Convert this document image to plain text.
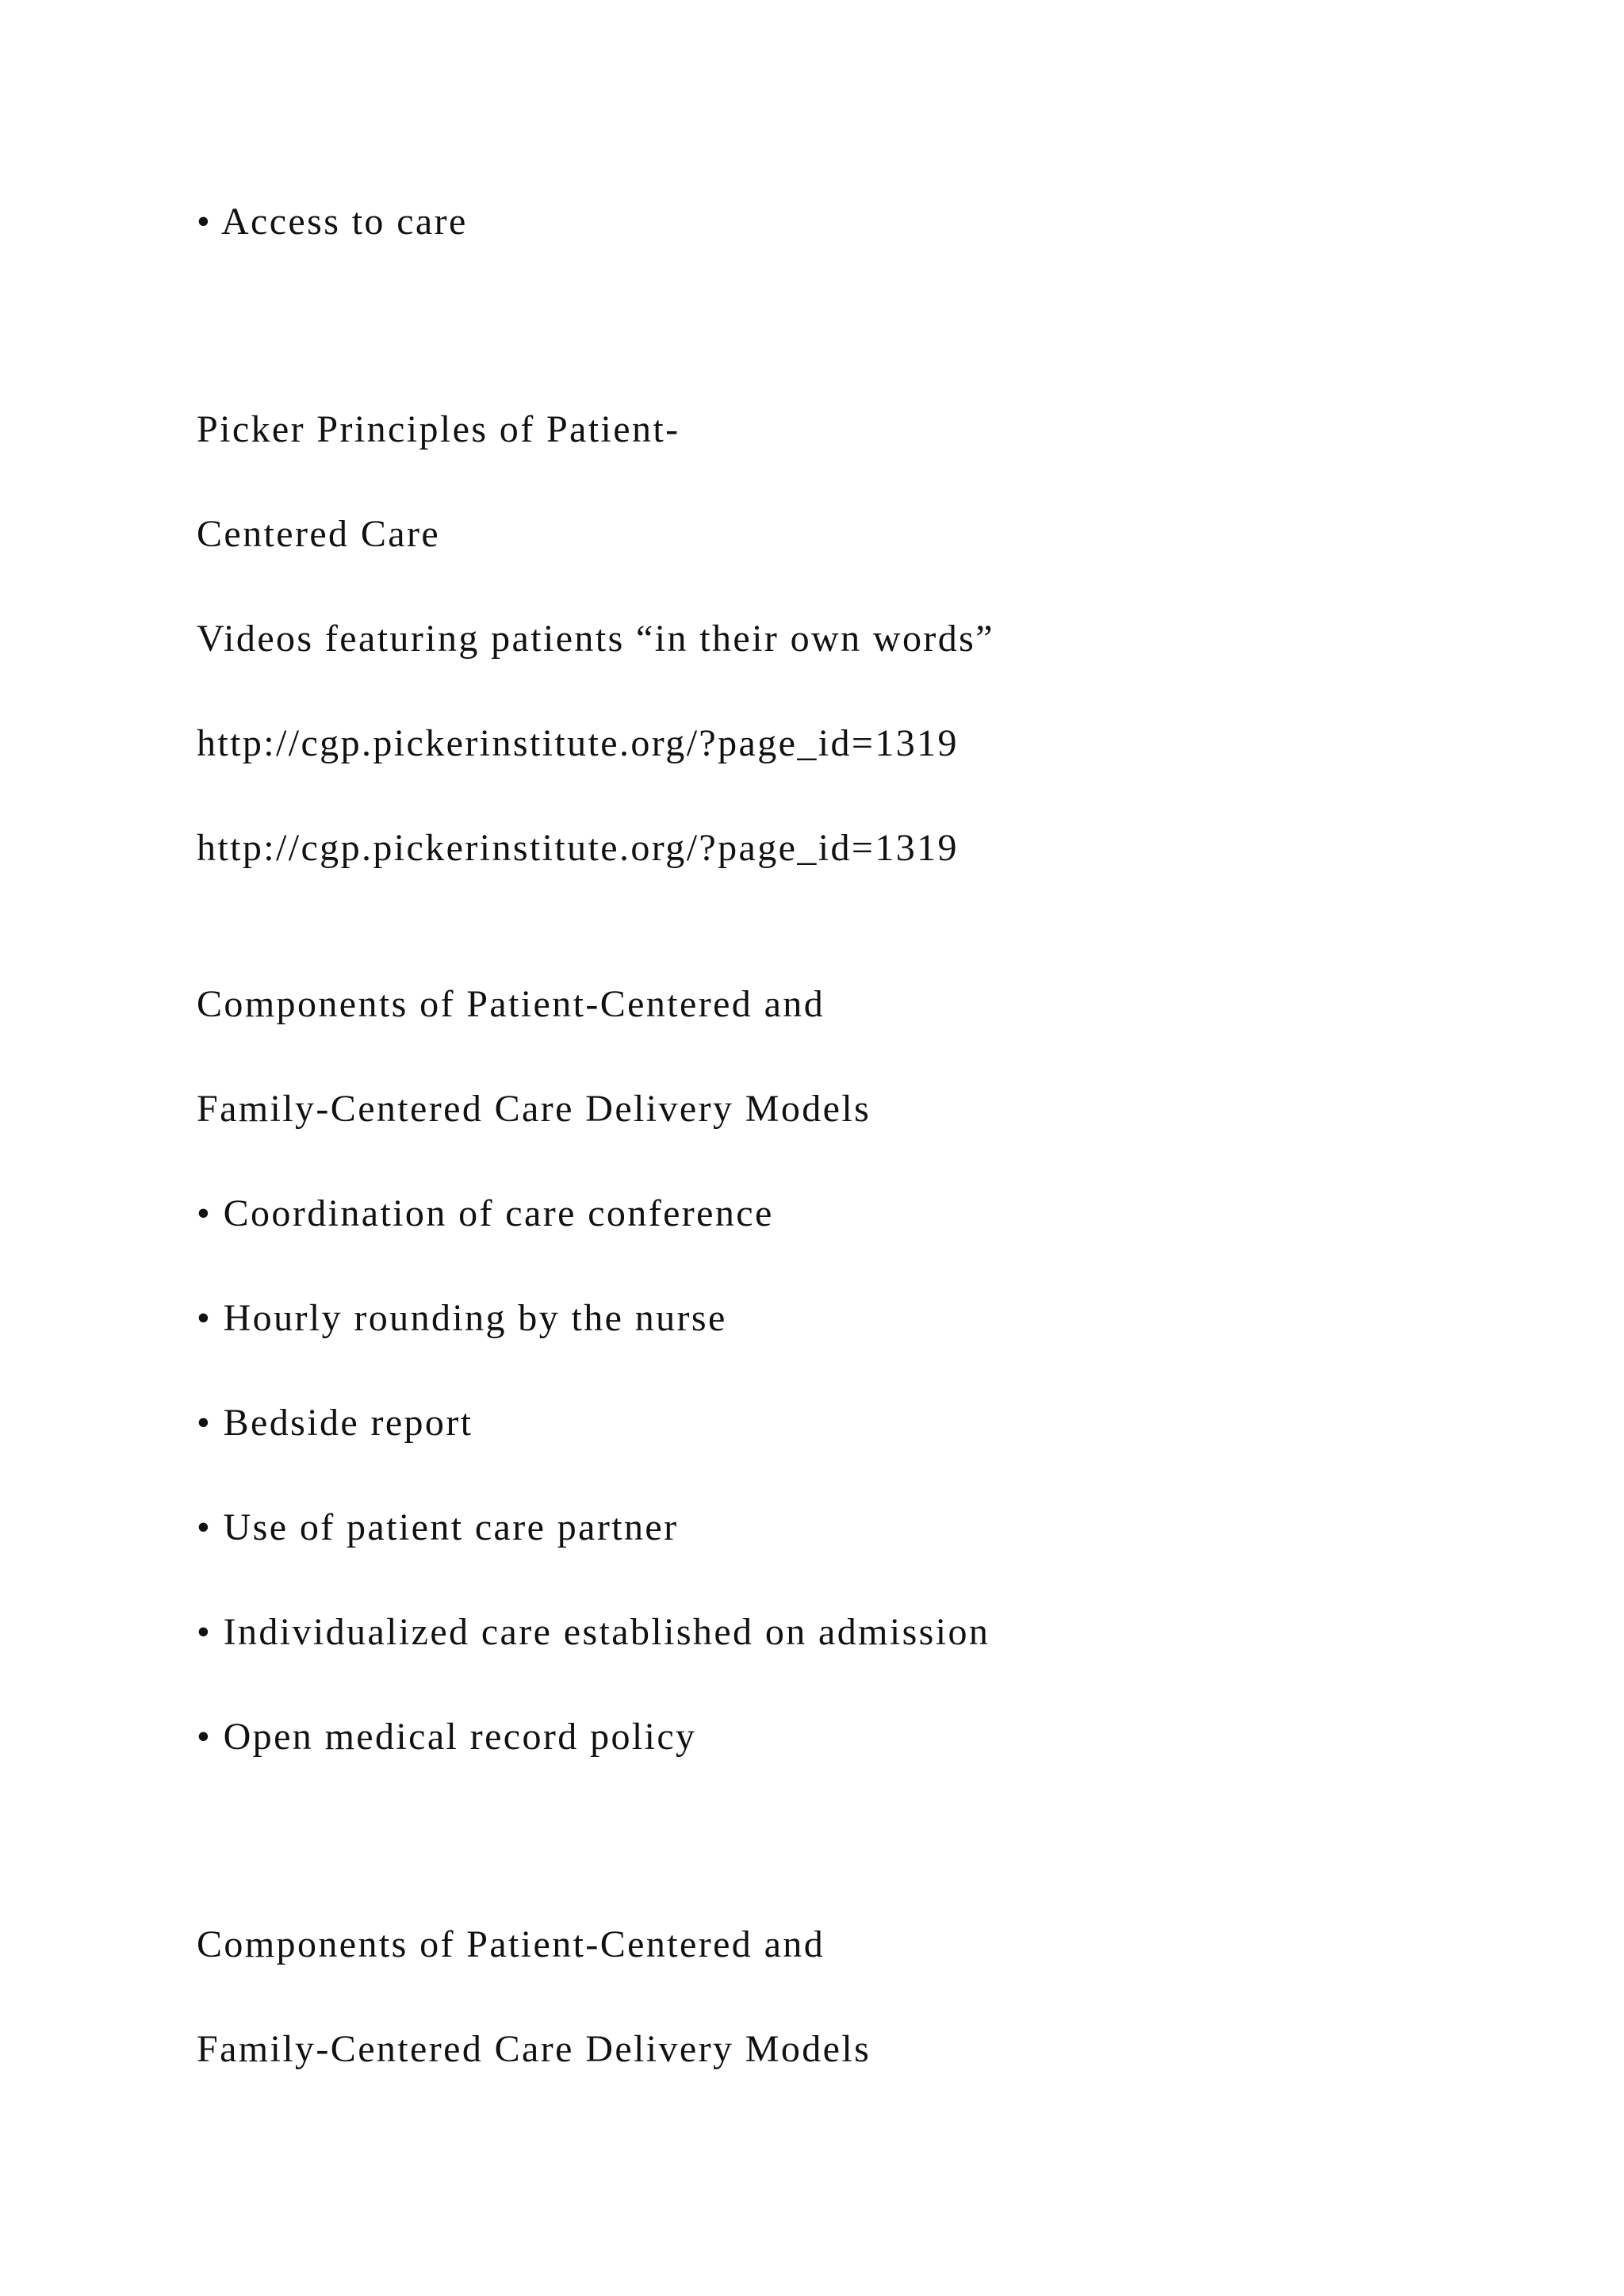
• Access to care

Picker Principles of Patient-

Centered Care

Videos featuring patients “in their own words”

http://cgp.pickerinstitute.org/?page_id=1319

http://cgp.pickerinstitute.org/?page_id=1319

Components of Patient-Centered and

Family-Centered Care Delivery Models

• Coordination of care conference

• Hourly rounding by the nurse

• Bedside report

• Use of patient care partner

• Individualized care established on admission

• Open medical record policy

Components of Patient-Centered and

Family-Centered Care Delivery Models
